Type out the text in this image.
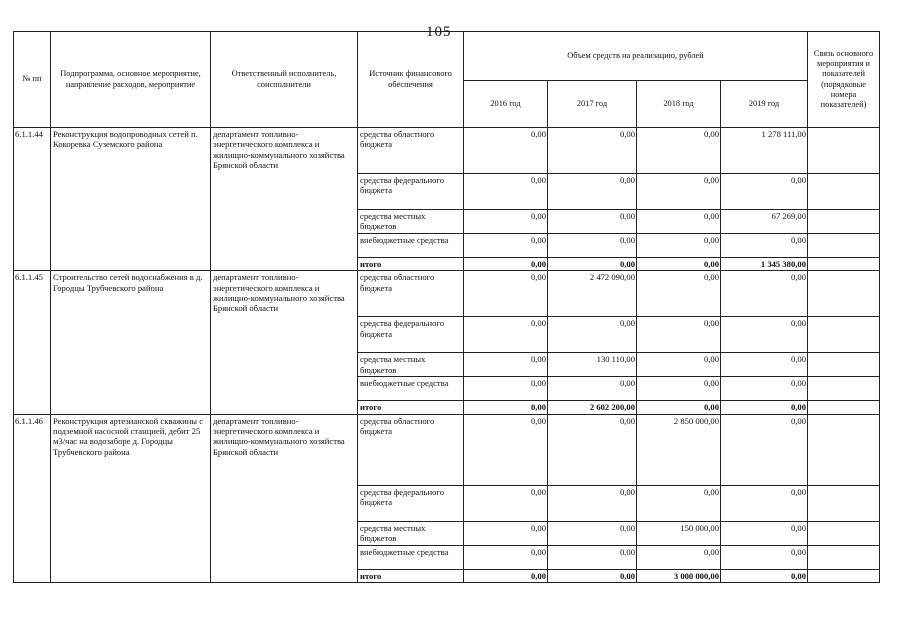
105
№ пп	Подпрограмма, основное мероприятие, направление расходов, мероприятие	Ответственный исполнитель, соисполнители	Источник финансового обеспечения	Объем средств на реализацию, рублей				Связь основного мероприятия и показателей (порядковые номера показателей)
				2016 год	2017 год	2018 год	2019 год	
6.1.1.44	Реконструкция водопроводных сетей п. Кокоревка Суземского района	департамент топливно-энергетического комплекса и жилищно-коммунального хозяйства Брянской области	средства областного бюджета	0,00	0,00	0,00	1 278 111,00	
			средства федерального бюджета	0,00	0,00	0,00	0,00	
			средства местных бюджетов	0,00	0,00	0,00	67 269,00	
			внебюджетные средства	0,00	0,00	0,00	0,00	
			итого	0,00	0,00	0,00	1 345 380,00	
6.1.1.45	Строительство сетей водоснабжения в д. Городцы Трубчевского района	департамент топливно-энергетического комплекса и жилищно-коммунального хозяйства Брянской области	средства областного бюджета	0,00	2 472 090,00	0,00	0,00	
			средства федерального бюджета	0,00	0,00	0,00	0,00	
			средства местных бюджетов	0,00	130 110,00	0,00	0,00	
			внебюджетные средства	0,00	0,00	0,00	0,00	
			итого	0,00	2 602 200,00	0,00	0,00	
6.1.1.46	Реконструкция артезианской скважины с подземной насосной станцией, дебит 25 м3/час на водозаборе д. Городцы Трубчевского района	департамент топливно-энергетического комплекса и жилищно-коммунального хозяйства Брянской области	средства областного бюджета	0,00	0,00	2 850 000,00	0,00	
			средства федерального бюджета	0,00	0,00	0,00	0,00	
			средства местных бюджетов	0,00	0,00	150 000,00	0,00	
			внебюджетные средства	0,00	0,00	0,00	0,00	
			итого	0,00	0,00	3 000 000,00	0,00	
